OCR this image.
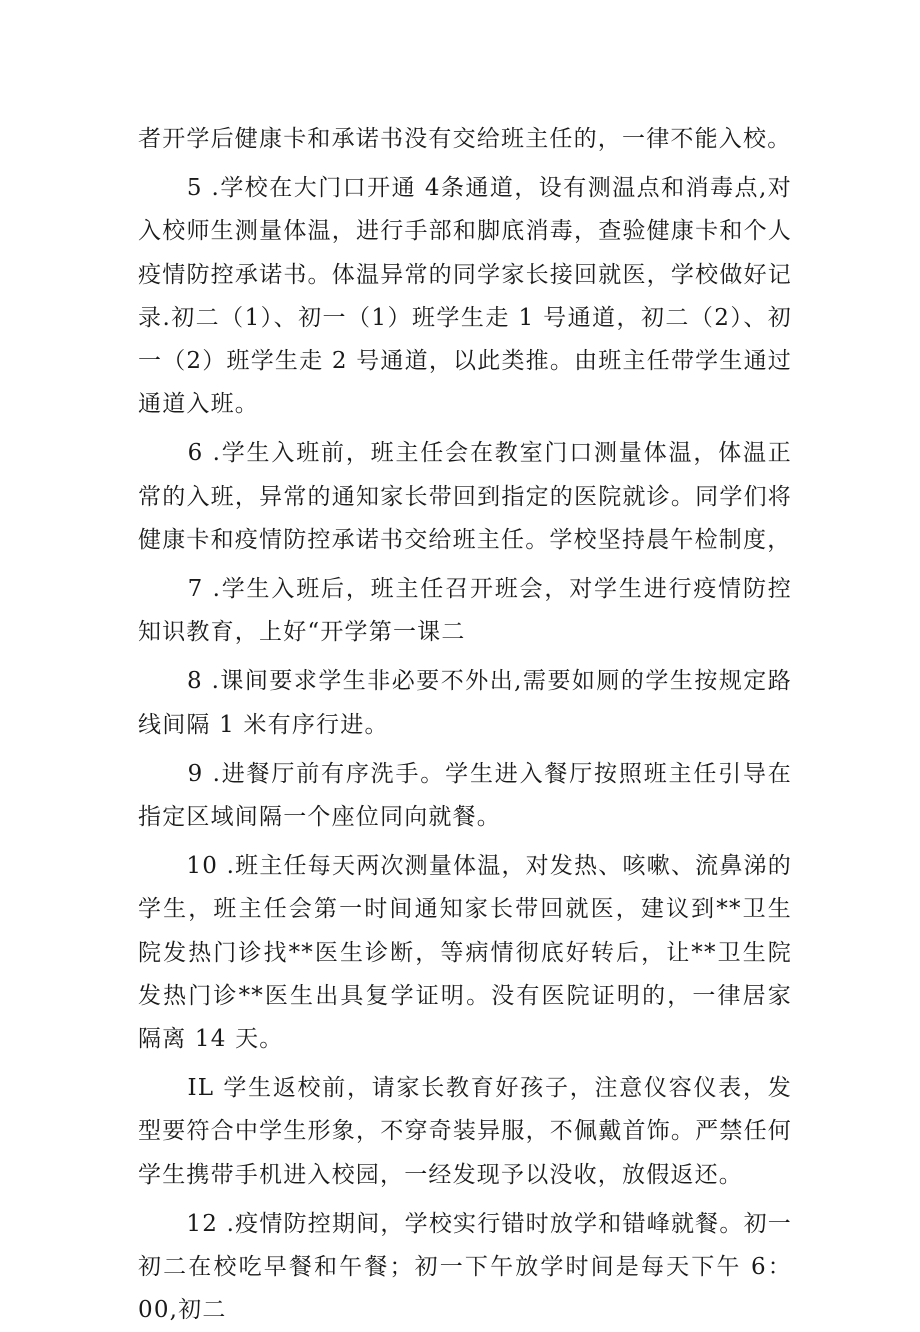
者开学后健康卡和承诺书没有交给班主任的，一律不能入校。

　　5 .学校在大门口开通 4条通道，设有测温点和消毒点,对入校师生测量体温，进行手部和脚底消毒，查验健康卡和个人疫情防控承诺书。体温异常的同学家长接回就医，学校做好记录.初二（1）、初一（1）班学生走 1 号通道，初二（2）、初一（2）班学生走 2 号通道，以此类推。由班主任带学生通过通道入班。

　　6 .学生入班前，班主任会在教室门口测量体温，体温正常的入班，异常的通知家长带回到指定的医院就诊。同学们将健康卡和疫情防控承诺书交给班主任。学校坚持晨午检制度，

　　7 .学生入班后，班主任召开班会，对学生进行疫情防控知识教育，上好“开学第一课二

　　8 .课间要求学生非必要不外出,需要如厕的学生按规定路线间隔 1 米有序行进。

　　9 .进餐厅前有序洗手。学生进入餐厅按照班主任引导在指定区域间隔一个座位同向就餐。

　　10 .班主任每天两次测量体温，对发热、咳嗽、流鼻涕的学生，班主任会第一时间通知家长带回就医，建议到**卫生院发热门诊找**医生诊断，等病情彻底好转后，让**卫生院发热门诊**医生出具复学证明。没有医院证明的，一律居家隔离 14 天。

　　IL 学生返校前，请家长教育好孩子，注意仪容仪表，发型要符合中学生形象，不穿奇装异服，不佩戴首饰。严禁任何学生携带手机进入校园，一经发现予以没收，放假返还。

　　12 .疫情防控期间，学校实行错时放学和错峰就餐。初一初二在校吃早餐和午餐；初一下午放学时间是每天下午 6：00,初二
